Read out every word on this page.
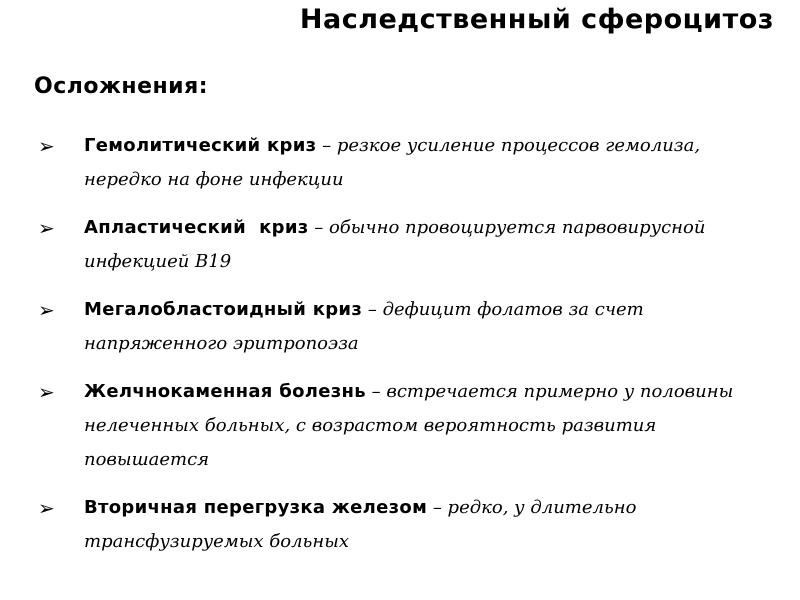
Наследственный сфероцитоз
Осложнения:
➢ Гемолитический криз – резкое усиление процессов гемолиза, нередко на фоне инфекции
➢ Апластический  криз – обычно провоцируется парвовирусной инфекцией B19
➢ Мегалобластоидный криз – дефицит фолатов за счет напряженного эритропоэза
➢ Желчнокаменная болезнь – встречается примерно у половины нелеченных больных, с возрастом вероятность развития повышается
➢ Вторичная перегрузка железом – редко, у длительно трансфузируемых больных
